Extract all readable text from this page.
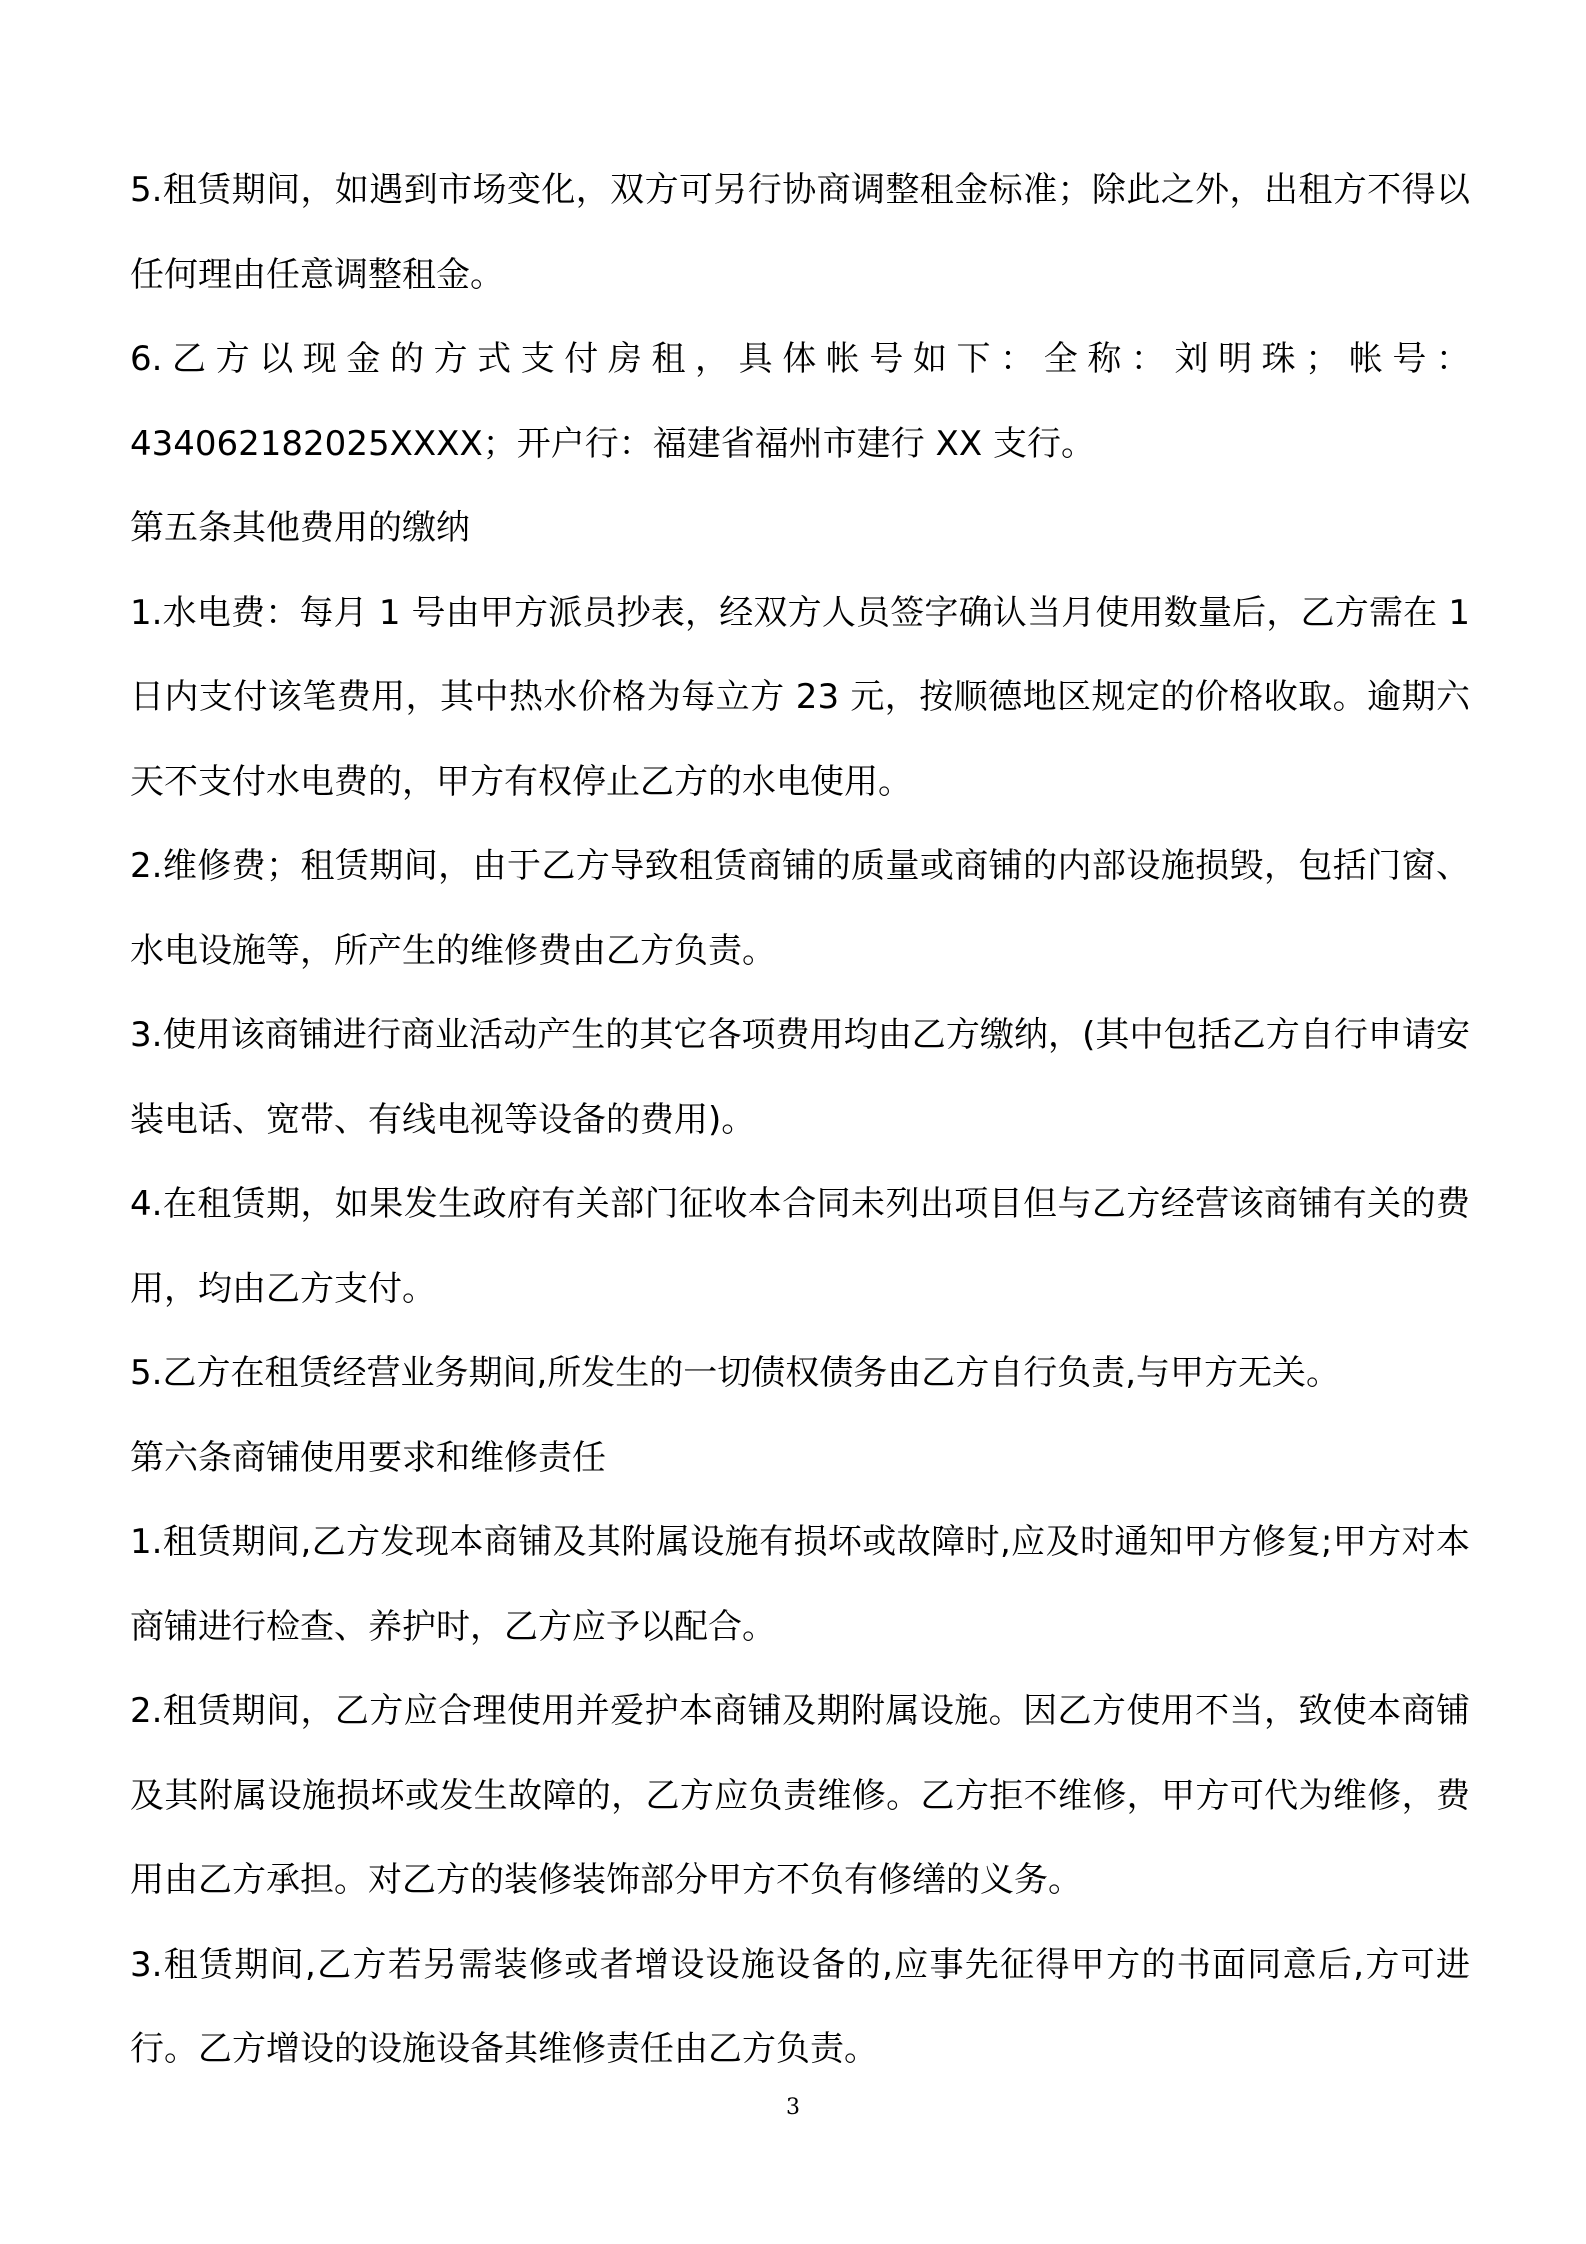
5.租赁期间，如遇到市场变化，双方可另行协商调整租金标准；除此之外，出租方不得以任何理由任意调整租金。

6.乙方以现金的方式支付房租，具体帐号如下：全称：刘明珠；帐号：434062182025XXXX；开户行：福建省福州市建行 XX 支行。

第五条其他费用的缴纳

1.水电费：每月 1 号由甲方派员抄表，经双方人员签字确认当月使用数量后，乙方需在 1 日内支付该笔费用，其中热水价格为每立方 23 元，按顺德地区规定的价格收取。逾期六天不支付水电费的，甲方有权停止乙方的水电使用。

2.维修费；租赁期间，由于乙方导致租赁商铺的质量或商铺的内部设施损毁，包括门窗、水电设施等，所产生的维修费由乙方负责。

3.使用该商铺进行商业活动产生的其它各项费用均由乙方缴纳，(其中包括乙方自行申请安装电话、宽带、有线电视等设备的费用)。

4.在租赁期，如果发生政府有关部门征收本合同未列出项目但与乙方经营该商铺有关的费用，均由乙方支付。

5.乙方在租赁经营业务期间,所发生的一切债权债务由乙方自行负责,与甲方无关。

第六条商铺使用要求和维修责任

1.租赁期间,乙方发现本商铺及其附属设施有损坏或故障时,应及时通知甲方修复;甲方对本商铺进行检查、养护时，乙方应予以配合。

2.租赁期间，乙方应合理使用并爱护本商铺及期附属设施。因乙方使用不当，致使本商铺及其附属设施损坏或发生故障的，乙方应负责维修。乙方拒不维修，甲方可代为维修，费用由乙方承担。对乙方的装修装饰部分甲方不负有修缮的义务。

3.租赁期间,乙方若另需装修或者增设设施设备的,应事先征得甲方的书面同意后,方可进行。乙方增设的设施设备其维修责任由乙方负责。

3
